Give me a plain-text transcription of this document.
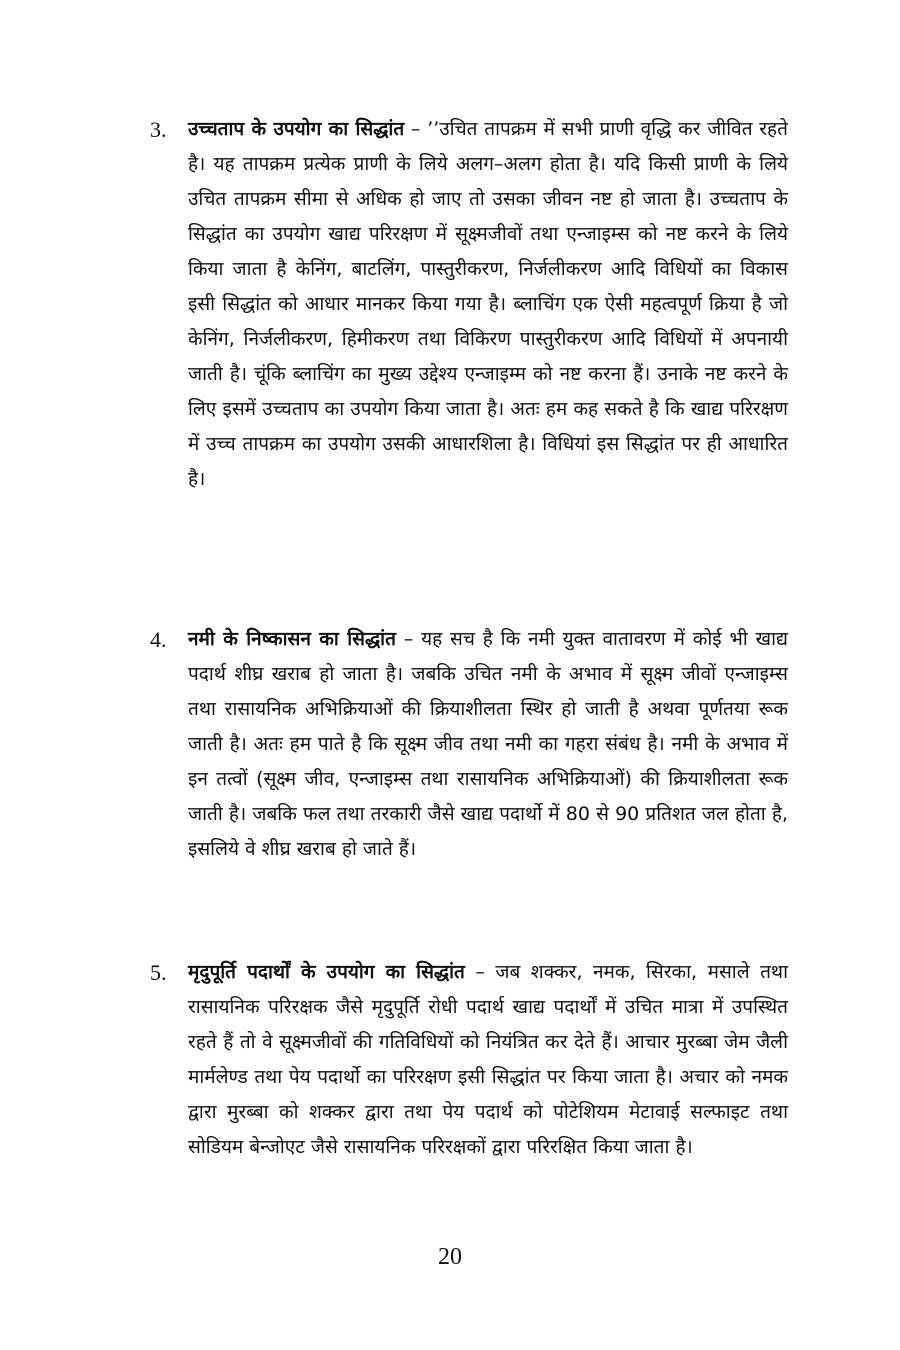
3.	उच्चताप के उपयोग का सिद्धांत – ’’उचित तापक्रम में सभी प्राणी वृद्धि कर जीवित रहते है। यह तापक्रम प्रत्येक प्राणी के लिये अलग–अलग होता है। यदि किसी प्राणी के लिये उचित तापक्रम सीमा से अधिक हो जाए तो उसका जीवन नष्ट हो जाता है। उच्चताप के सिद्धांत का उपयोग खाद्य परिरक्षण में सूक्ष्मजीवों तथा एन्जाइम्स को नष्ट करने के लिये किया जाता है केनिंग, बाटलिंग, पास्तुरीकरण, निर्जलीकरण आदि विधियों का विकास इसी सिद्धांत को आधार मानकर किया गया है। ब्लाचिंग एक ऐसी महत्वपूर्ण क्रिया है जो केनिंग, निर्जलीकरण, हिमीकरण तथा विकिरण पास्तुरीकरण आदि विधियों में अपनायी जाती है। चूंकि ब्लाचिंग का मुख्य उद्देश्य एन्जाइम्म को नष्ट करना हैं। उनाके नष्ट करने के लिए इसमें उच्चताप का उपयोग किया जाता है। अतः हम कह सकते है कि खाद्य परिरक्षण में उच्च तापक्रम का उपयोग उसकी आधारशिला है। विधियां इस सिद्धांत पर ही आधारित है।
4.	नमी के निष्कासन का सिद्धांत – यह सच है कि नमी युक्त वातावरण में कोई भी खाद्य पदार्थ शीघ्र खराब हो जाता है। जबकि उचित नमी के अभाव में सूक्ष्म जीवों एन्जाइम्स तथा रासायनिक अभिक्रियाओं की क्रियाशीलता स्थिर हो जाती है अथवा पूर्णतया रूक जाती है। अतः हम पाते है कि सूक्ष्म जीव तथा नमी का गहरा संबंध है। नमी के अभाव में इन तत्वों (सूक्ष्म जीव, एन्जाइम्स तथा रासायनिक अभिक्रियाओं) की क्रियाशीलता रूक जाती है। जबकि फल तथा तरकारी जैसे खाद्य पदार्थो में 80 से 90 प्रतिशत जल होता है, इसलिये वे शीघ्र खराब हो जाते हैं।
5.	मृदुपूर्ति पदार्थों के उपयोग का सिद्धांत – जब शक्कर, नमक, सिरका, मसाले तथा रासायनिक परिरक्षक जैसे मृदुपूर्ति रोधी पदार्थ खाद्य पदार्थों में उचित मात्रा में उपस्थित रहते हैं तो वे सूक्ष्मजीवों की गतिविधियों को नियंत्रित कर देते हैं। आचार मुरब्बा जेम जैली मार्मलेण्ड तथा पेय पदार्थो का परिरक्षण इसी सिद्धांत पर किया जाता है। अचार को नमक द्वारा मुरब्बा को शक्कर द्वारा तथा पेय पदार्थ को पोटेशियम मेटावाई सल्फाइट तथा सोडियम बेन्जोएट जैसे रासायनिक परिरक्षकों द्वारा परिरक्षित किया जाता है।
20
